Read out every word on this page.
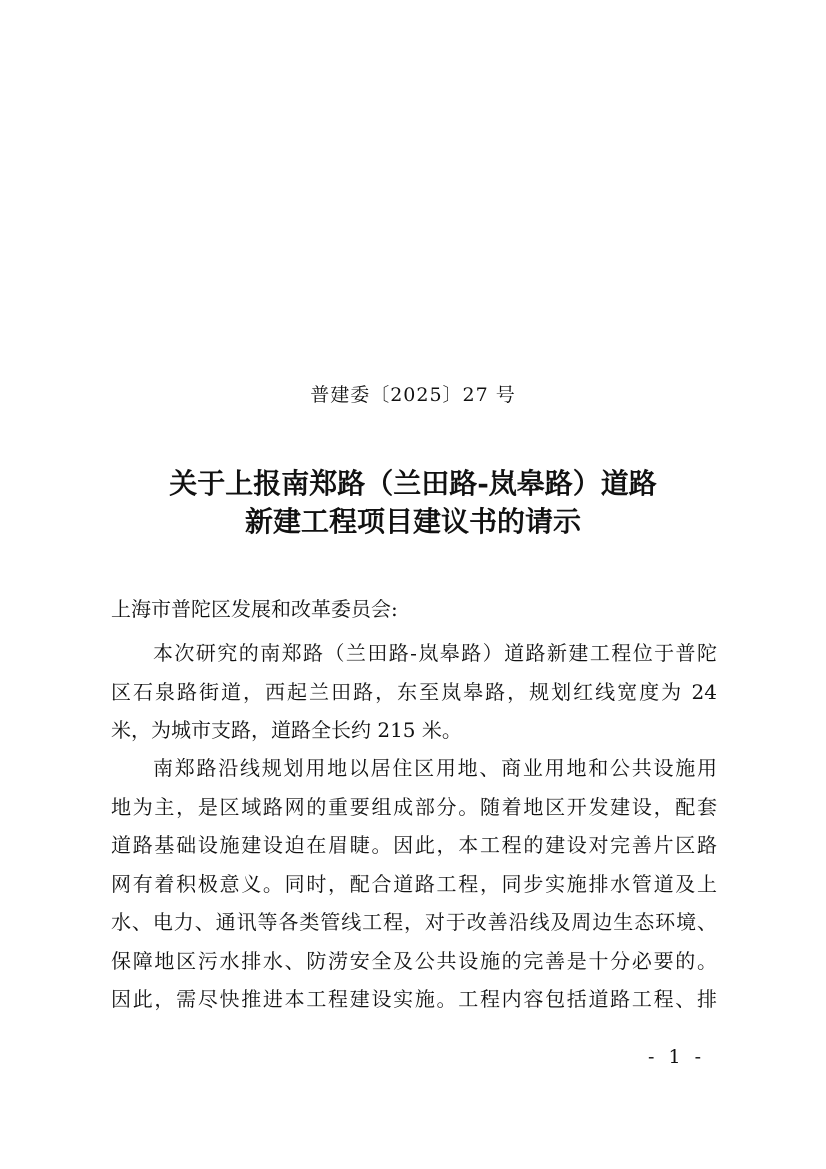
普建委〔2025〕27 号
关于上报南郑路（兰田路-岚皋路）道路
新建工程项目建议书的请示
上海市普陀区发展和改革委员会:
本次研究的南郑路（兰田路-岚皋路）道路新建工程位于普陀
区石泉路街道，西起兰田路，东至岚皋路，规划红线宽度为 24
米，为城市支路，道路全长约 215 米。
南郑路沿线规划用地以居住区用地、商业用地和公共设施用
地为主，是区域路网的重要组成部分。随着地区开发建设，配套
道路基础设施建设迫在眉睫。因此，本工程的建设对完善片区路
网有着积极意义。同时，配合道路工程，同步实施排水管道及上
水、电力、通讯等各类管线工程，对于改善沿线及周边生态环境、
保障地区污水排水、防涝安全及公共设施的完善是十分必要的。
因此，需尽快推进本工程建设实施。工程内容包括道路工程、排
- 1 -
